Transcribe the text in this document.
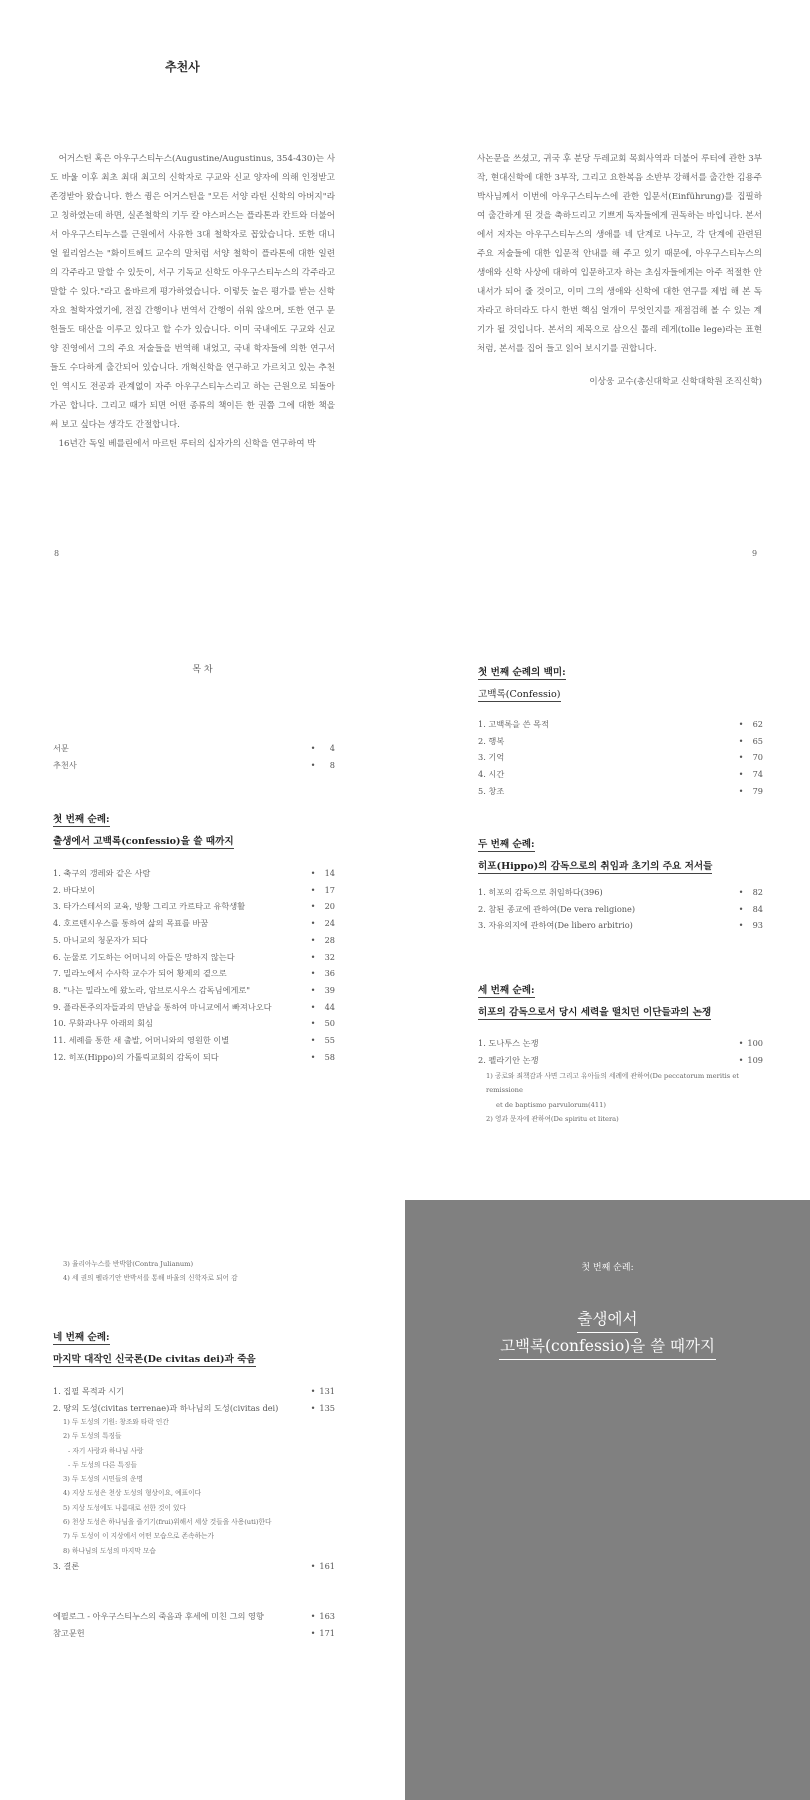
추천사

어거스틴 혹은 아우구스티누스(Augustine/Augustinus, 354-430)는 사도 바울 이후 최초 최대 최고의 신학자로 구교와 신교 양자에 의해 인정받고 존경받아 왔습니다. 한스 큉은 어거스틴을 "모든 서양 라틴 신학의 아버지"라고 칭하였는데 하면, 실존철학의 기두 칼 야스퍼스는 플라톤과 칸트와 더불어서 아우구스티누스를 근원에서 사유한 3대 철학자로 꼽았습니다. 또한 대니얼 윌리엄스는 "화이트헤드 교수의 말처럼 서양 철학이 플라톤에 대한 일련의 각주라고 말할 수 있듯이, 서구 기독교 신학도 아우구스티누스의 각주라고 말할 수 있다."라고 올바르게 평가하였습니다. 이렇듯 높은 평가를 받는 신학자요 철학자였기에, 전집 간행이나 번역서 간행이 쉬워 않으며, 또한 연구 문헌들도 태산을 이루고 있다고 할 수가 있습니다. 이미 국내에도 구교와 신교 양 진영에서 그의 주요 저술들을 번역해 내었고, 국내 학자들에 의한 연구서들도 수다하게 출간되어 있습니다. 개혁신학을 연구하고 가르치고 있는 추천인 역시도 전공과 관계없이 자주 아우구스티누스리고 하는 근원으로 되돌아가곤 합니다. 그리고 때가 되면 어떤 종류의 책이든 한 권쯤 그에 대한 책을 써 보고 싶다는 생각도 간절합니다.

16년간 독일 베를린에서 마르틴 루터의 십자가의 신학을 연구하여 박

8

사논문을 쓰셨고, 귀국 후 분당 두레교회 목회사역과 더불어 루터에 관한 3부작, 현대신학에 대한 3부작, 그리고 요한복음 소반부 강해서를 출간한 김용주 박사님께서 이번에 아우구스티누스에 관한 입문서(Einführung)를 집필하여 출간하게 된 것을 축하드리고 기쁘게 독자들에게 권독하는 바입니다. 본서에서 저자는 아우구스티누스의 생애를 네 단계로 나누고, 각 단계에 관련된 주요 저술들에 대한 입문적 안내를 해 주고 있기 때문에, 아우구스티누스의 생애와 신학 사상에 대하여 입문하고자 하는 초심자들에게는 아주 적절한 안내서가 되어 줄 것이고, 이미 그의 생애와 신학에 대한 연구를 제법 해 본 독자라고 하더라도 다시 한번 핵심 얼개이 무엇인지를 재점검해 볼 수 있는 계기가 될 것입니다. 본서의 제목으로 삼으신 톨레 레게(tolle lege)라는 표현처럼, 본서를 집어 들고 읽어 보시기를 권합니다.

이상웅 교수(총신대학교 신학대학원 조직신학)
9
목 차
서문	•	4
추천사	•	8
첫 번째 순례:
출생에서 고백록(confessio)을 쓸 때까지
1. 축구의 갱레와 같은 사람	•	14
2. 바다보이	•	17
3. 타가스테서의 교육, 방황 그리고 카르타고 유학생활	•	20
4. 호르텐시우스를 통하여 삶의 목표를 바꿈	•	24
5. 마니교의 청문자가 되다	•	28
6. 눈물로 기도하는 어머니의 아들은 망하지 않는다	•	32
7. 밀라노에서 수사학 교수가 되어 황제의 곁으로	•	36
8. "나는 밀라노에 왔노라, 암브로시우스 감독님에게로"	•	39
9. 플라톤주의자들과의 만남을 통하여 마니교에서 빠져나오다	•	44
10. 무화과나무 아래의 회심	•	50
11. 세례를 통한 새 출발, 어머니와의 영원한 이별	•	55
12. 히포(Hippo)의 가톨릭교회의 감독이 되다	•	58
첫 번째 순례의 백미:
고백록(Confessio)
1. 고백록을 쓴 목적	•	62
2. 행복	•	65
3. 기억	•	70
4. 시간	•	74
5. 창조	•	79
두 번째 순례:
히포(Hippo)의 감독으로의 취임과 초기의 주요 저서들
1. 히포의 감독으로 취임하다(396)	•	82
2. 참된 종교에 관하여(De vera religione)	•	84
3. 자유의지에 관하여(De libero arbitrio)	•	93
세 번째 순례:
히포의 감독으로서 당시 세력을 떨치던 이단들과의 논쟁
1. 도나투스 논쟁	• 100
2. 펠라기안 논쟁	• 109
1) 공로와 죄책감과 사면 그리고 유아들의 세례에 관하여(De peccatorum meritis et remissione
et de baptismo parvulorum(411)
2) 영과 문자에 관하여(De spiritu et litera)
3) 율리아누스를 반박함(Contra Julianum)
4) 세 권의 펠라기안 반박서를 통해 바울의 신학자로 되어 감
네 번째 순례:
마지막 대작인 신국론(De civitas dei)과 죽음
1. 집필 목적과 시기	• 131
2. 땅의 도성(civitas terrenae)과 하나님의 도성(civitas dei)	• 135
1) 두 도성의 기원: 창조와 타락 인간
2) 두 도성의 특징들
- 자기 사랑과 하나님 사랑
- 두 도성의 다른 특징들
3) 두 도성의 시민들의 운명
4) 지상 도성은 천상 도성의 형상이요, 예표이다
5) 지상 도성에도 나름대로 선한 것이 있다
6) 천상 도성은 하나님을 즐기기(frui)위해서 세상 것들을 사용(uti)한다
7) 두 도성이 이 지상에서 어떤 모습으로 존속하는가
8) 하나님의 도성의 마지막 모습
3. 결론	• 161
에필로그 - 아우구스티누스의 죽음과 후세에 미친 그의 영향	• 163
참고문헌	• 171
첫 번째 순례:
출생에서
고백록(confessio)을 쓸 때까지
